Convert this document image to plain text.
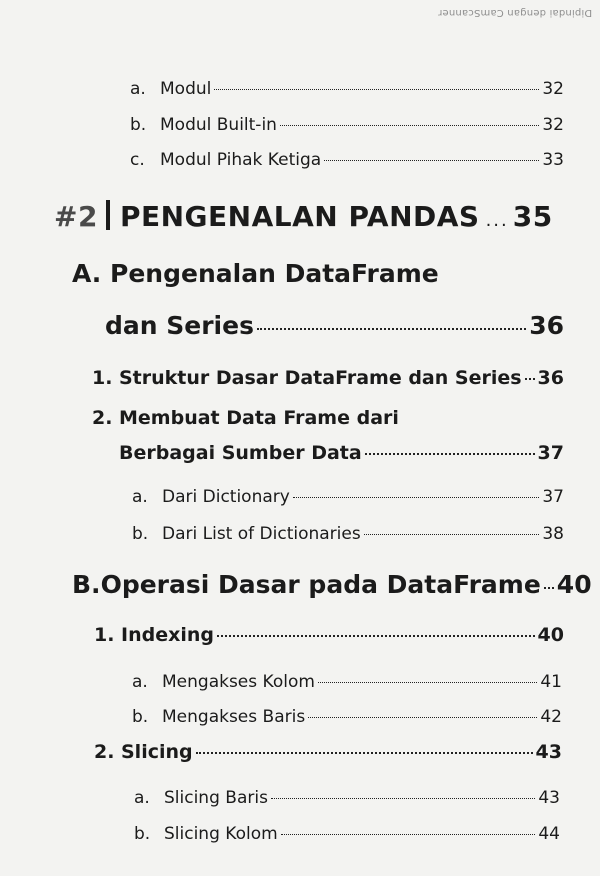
Dipindai dengan CamScanner
a. Modul	32
b. Modul Built-in	32
c. Modul Pihak Ketiga	33
#2 PENGENALAN PANDAS ... 35
A. Pengenalan DataFrame
dan Series	36
1. Struktur Dasar DataFrame dan Series 36
2. Membuat Data Frame dari
Berbagai Sumber Data	37
a. Dari Dictionary	37
b. Dari List of Dictionaries	38
B. Operasi Dasar pada DataFrame 40
1. Indexing	40
a. Mengakses Kolom	41
b. Mengakses Baris	42
2. Slicing	43
a. Slicing Baris	43
b. Slicing Kolom	44
